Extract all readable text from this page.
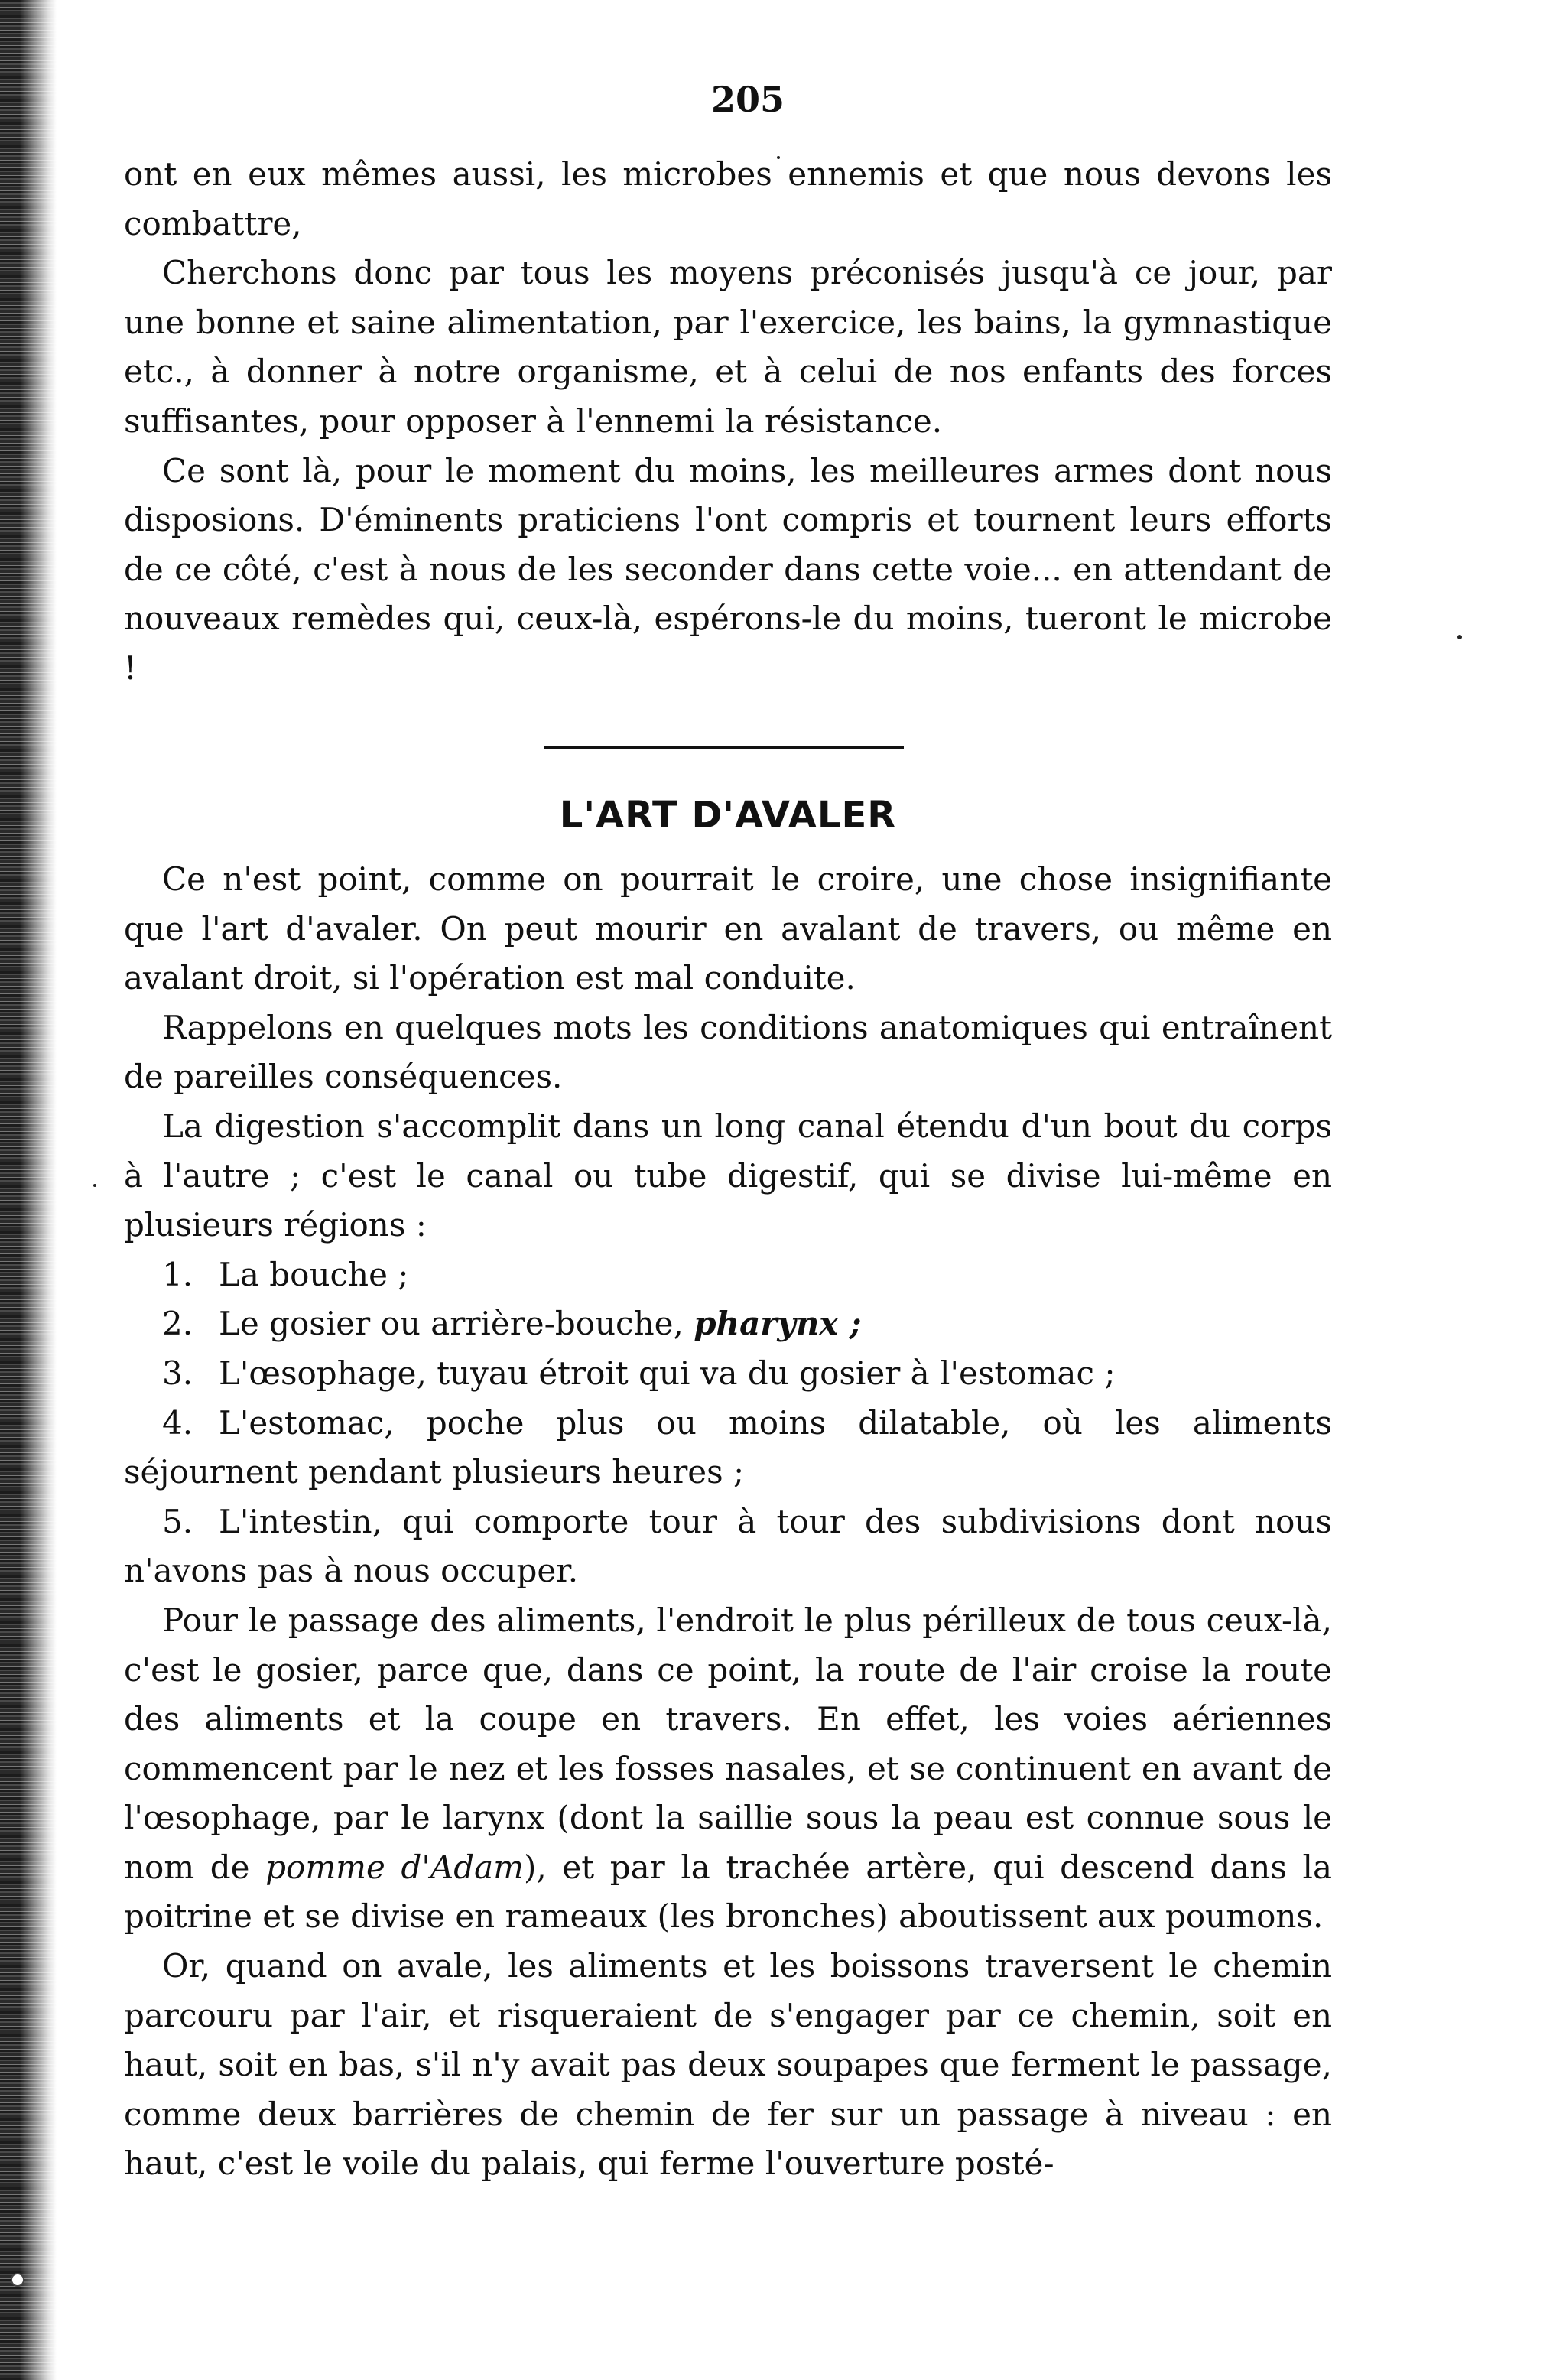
205

ont en eux mêmes aussi, les microbes ennemis et que nous devons les combattre,

Cherchons donc par tous les moyens préconisés jusqu'à ce jour, par une bonne et saine alimentation, par l'exercice, les bains, la gymnastique etc., à donner à notre organisme, et à celui de nos enfants des forces suffisantes, pour opposer à l'ennemi la résistance.

Ce sont là, pour le moment du moins, les meilleures armes dont nous disposions. D'éminents praticiens l'ont compris et tournent leurs efforts de ce côté, c'est à nous de les seconder dans cette voie... en attendant de nouveaux remèdes qui, ceux-là, espérons-le du moins, tueront le microbe !

L'ART D'AVALER

Ce n'est point, comme on pourrait le croire, une chose insignifiante que l'art d'avaler. On peut mourir en avalant de travers, ou même en avalant droit, si l'opération est mal conduite.

Rappelons en quelques mots les conditions anatomiques qui entraînent de pareilles conséquences.

La digestion s'accomplit dans un long canal étendu d'un bout du corps à l'autre ; c'est le canal ou tube digestif, qui se divise lui-même en plusieurs régions :

1. La bouche ;

2. Le gosier ou arrière-bouche, pharynx ;

3. L'œsophage, tuyau étroit qui va du gosier à l'estomac ;

4. L'estomac, poche plus ou moins dilatable, où les aliments séjournent pendant plusieurs heures ;

5. L'intestin, qui comporte tour à tour des subdivisions dont nous n'avons pas à nous occuper.

Pour le passage des aliments, l'endroit le plus périlleux de tous ceux-là, c'est le gosier, parce que, dans ce point, la route de l'air croise la route des aliments et la coupe en travers. En effet, les voies aériennes commencent par le nez et les fosses nasales, et se continuent en avant de l'œsophage, par le larynx (dont la saillie sous la peau est connue sous le nom de pomme d'Adam), et par la trachée artère, qui descend dans la poitrine et se divise en rameaux (les bronches) aboutissent aux poumons.

Or, quand on avale, les aliments et les boissons traversent le chemin parcouru par l'air, et risqueraient de s'engager par ce chemin, soit en haut, soit en bas, s'il n'y avait pas deux soupapes que ferment le passage, comme deux barrières de chemin de fer sur un passage à niveau : en haut, c'est le voile du palais, qui ferme l'ouverture posté-
